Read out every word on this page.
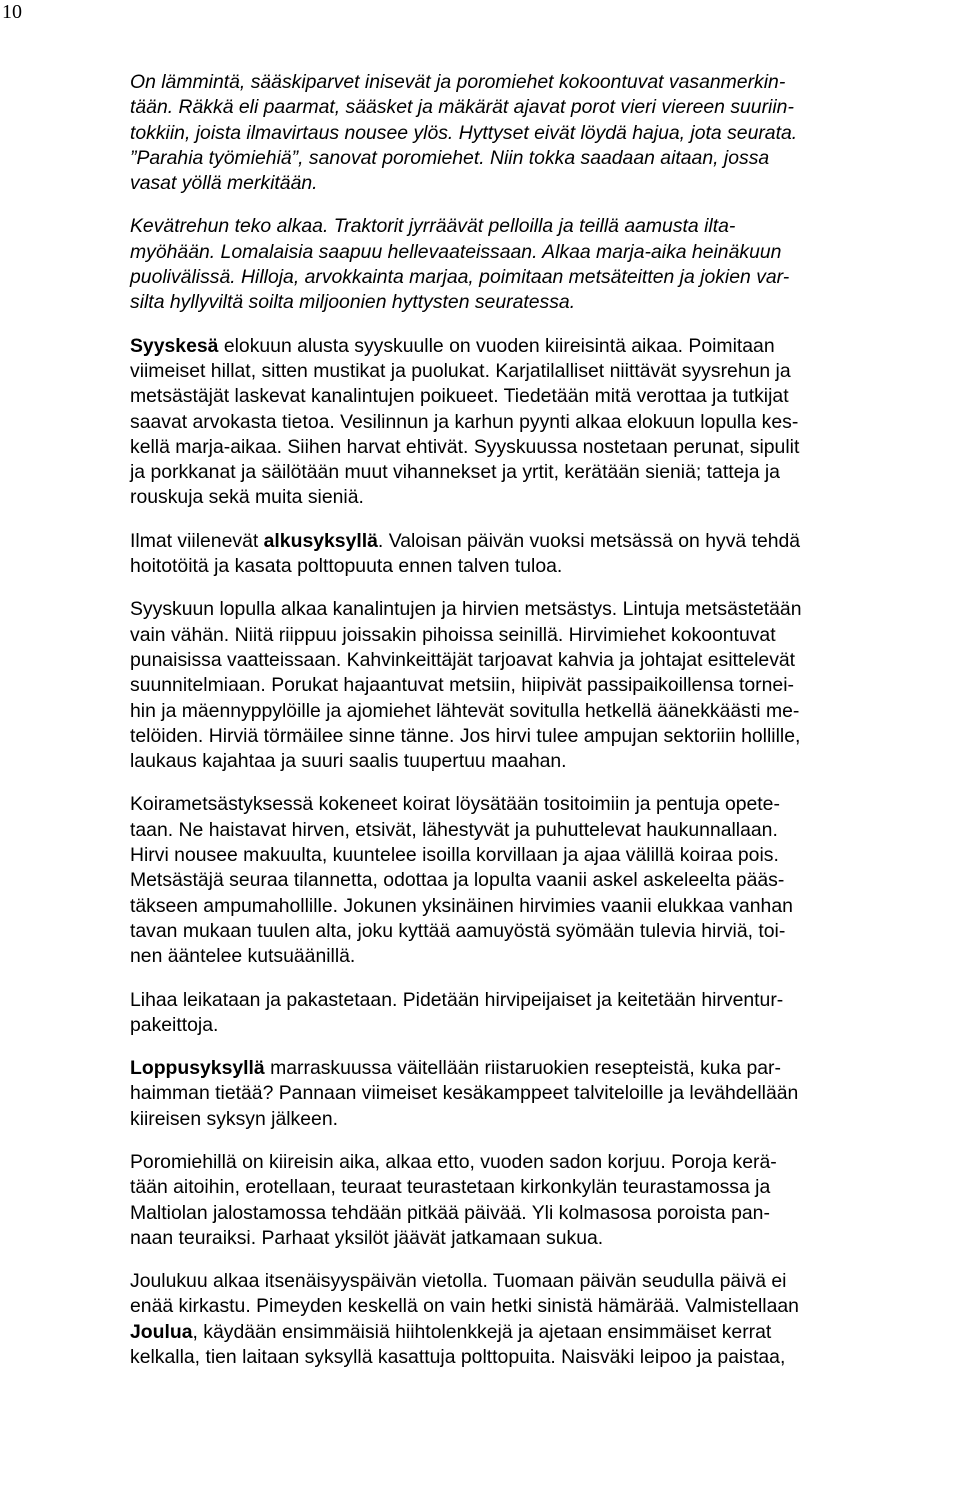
10

On lämmintä, sääskiparvet inisevät ja poromiehet kokoontuvat vasanmerkin-
tään. Räkkä eli paarmat, sääsket ja mäkärät ajavat porot vieri viereen suuriin-
tokkiin, joista ilmavirtaus nousee ylös. Hyttyset eivät löydä hajua, jota seurata.
”Parahia työmiehiä”, sanovat poromiehet. Niin tokka saadaan aitaan, jossa
vasat yöllä merkitään.

Kevätrehun teko alkaa. Traktorit jyrräävät pelloilla ja teillä aamusta ilta-
myöhään. Lomalaisia saapuu hellevaateissaan. Alkaa marja-aika heinäkuun
puolivälissä. Hilloja, arvokkainta marjaa, poimitaan metsäteitten ja jokien var-
silta hyllyviltä soilta miljoonien hyttysten seuratessa.

Syyskesä elokuun alusta syyskuulle on vuoden kiireisintä aikaa. Poimitaan
viimeiset hillat, sitten mustikat ja puolukat. Karjatilalliset niittävät syysrehun ja
metsästäjät laskevat kanalintujen poikueet. Tiedetään mitä verottaa ja tutkijat
saavat arvokasta tietoa. Vesilinnun ja karhun pyynti alkaa elokuun lopulla kes-
kellä marja-aikaa. Siihen harvat ehtivät. Syyskuussa nostetaan perunat, sipulit
ja porkkanat ja säilötään muut vihannekset ja yrtit, kerätään sieniä; tatteja ja
rouskuja sekä muita sieniä.

Ilmat viilenevät alkusyksyllä. Valoisan päivän vuoksi metsässä on hyvä tehdä
hoitotöitä ja kasata polttopuuta ennen talven tuloa.

Syyskuun lopulla alkaa kanalintujen ja hirvien metsästys. Lintuja metsästetään
vain vähän. Niitä riippuu joissakin pihoissa seinillä. Hirvimiehet kokoontuvat
punaisissa vaatteissaan. Kahvinkeittäjät tarjoavat kahvia ja johtajat esittelevät
suunnitelmiaan. Porukat hajaantuvat metsiin, hiipivät passipaikoillensa tornei-
hin ja mäennyppylöille ja ajomiehet lähtevät sovitulla hetkellä äänekkäästi me-
telöiden. Hirviä törmäilee sinne tänne. Jos hirvi tulee ampujan sektoriin hollille,
laukaus kajahtaa ja suuri saalis tuupertuu maahan.

Koirametsästyksessä kokeneet koirat löysätään tositoimiin ja pentuja opete-
taan. Ne haistavat hirven, etsivät, lähestyvät ja puhuttelevat haukunnallaan.
Hirvi nousee makuulta, kuuntelee isoilla korvillaan ja ajaa välillä koiraa pois.
Metsästäjä seuraa tilannetta, odottaa ja lopulta vaanii askel askeleelta pääs-
täkseen ampumahollille. Jokunen yksinäinen hirvimies vaanii elukkaa vanhan
tavan mukaan tuulen alta, joku kyttää aamuyöstä syömään tulevia hirviä, toi-
nen ääntelee kutsuäänillä.

Lihaa leikataan ja pakastetaan. Pidetään hirvipeijaiset ja keitetään hirventur-
pakeittoja.

Loppusyksyllä marraskuussa väitellään riistaruokien resepteistä, kuka par-
haimman tietää? Pannaan viimeiset kesäkamppeet talviteloille ja levähdellään
kiireisen syksyn jälkeen.

Poromiehillä on kiireisin aika, alkaa etto, vuoden sadon korjuu. Poroja kerä-
tään aitoihin, erotellaan, teuraat teurastetaan kirkonkylän teurastamossa ja
Maltiolan jalostamossa tehdään pitkää päivää. Yli kolmasosa poroista pan-
naan teuraiksi. Parhaat yksilöt jäävät jatkamaan sukua.

Joulukuu alkaa itsenäisyyspäivän vietolla. Tuomaan päivän seudulla päivä ei
enää kirkastu. Pimeyden keskellä on vain hetki sinistä hämärää. Valmistellaan
Joulua, käydään ensimmäisiä hiihtolenkkejä ja ajetaan ensimmäiset kerrat
kelkalla, tien laitaan syksyllä kasattuja polttopuita. Naisväki leipoo ja paistaa,
